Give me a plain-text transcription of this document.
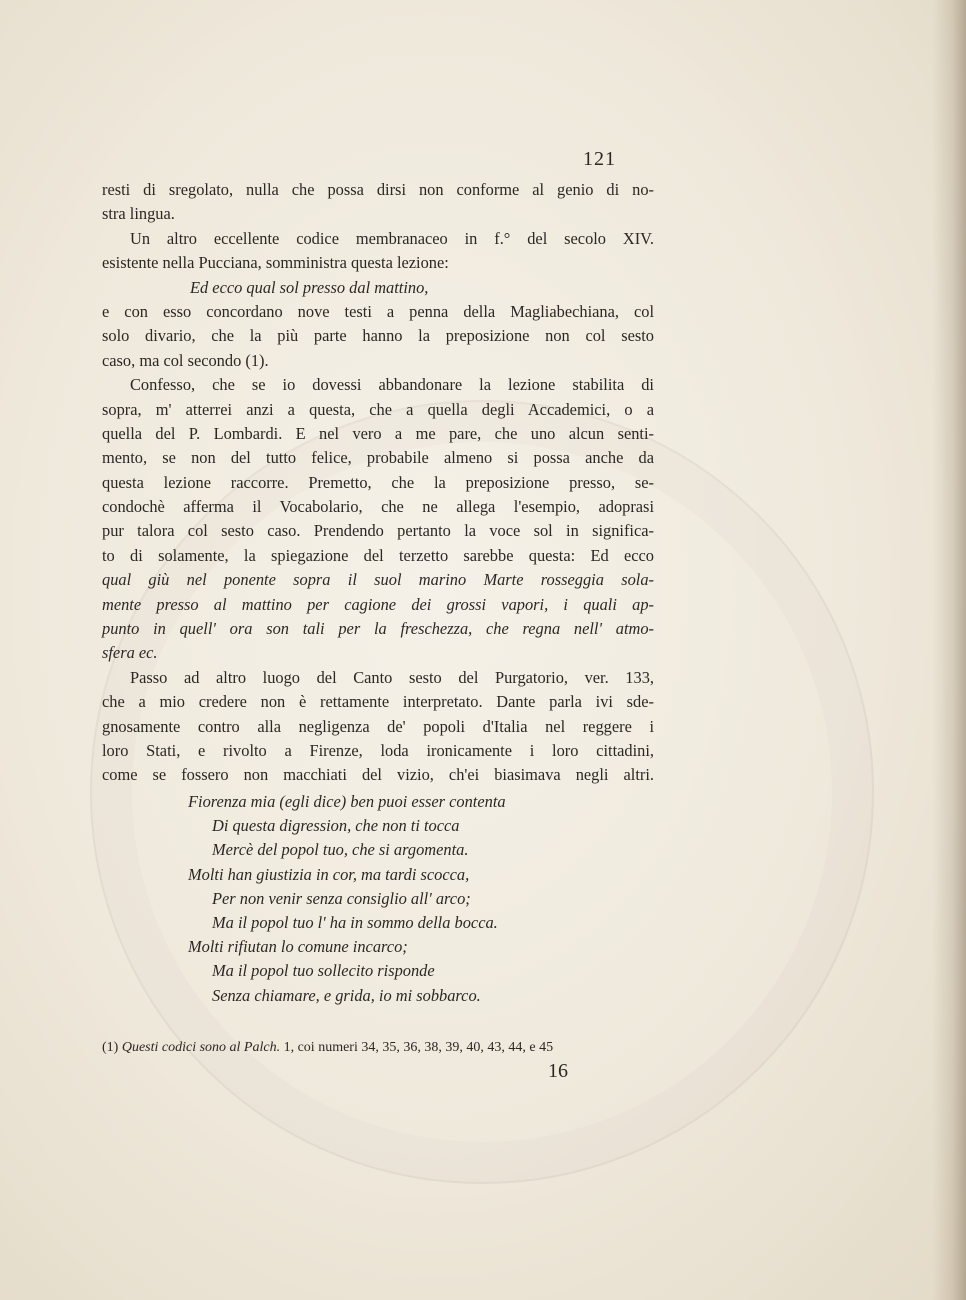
121
resti di sregolato, nulla che possa dirsi non conforme al genio di no-
stra lingua.
Un altro eccellente codice membranaceo in f.° del secolo XIV.
esistente nella Pucciana, somministra questa lezione:
Ed ecco qual sol presso dal mattino,
e con esso concordano nove testi a penna della Magliabechiana, col
solo divario, che la più parte hanno la preposizione non col sesto
caso, ma col secondo (1).
Confesso, che se io dovessi abbandonare la lezione stabilita di
sopra, m' atterrei anzi a questa, che a quella degli Accademici, o a
quella del P. Lombardi. E nel vero a me pare, che uno alcun senti-
mento, se non del tutto felice, probabile almeno si possa anche da
questa lezione raccorre. Premetto, che la preposizione presso, se-
condochè afferma il Vocabolario, che ne allega l'esempio, adoprasi
pur talora col sesto caso. Prendendo pertanto la voce sol in significa-
to di solamente, la spiegazione del terzetto sarebbe questa: Ed ecco
qual giù nel ponente sopra il suol marino Marte rosseggia sola-
mente presso al mattino per cagione dei grossi vapori, i quali ap-
punto in quell' ora son tali per la freschezza, che regna nell' atmo-
sfera ec.
Passo ad altro luogo del Canto sesto del Purgatorio, ver. 133,
che a mio credere non è rettamente interpretato. Dante parla ivi sde-
gnosamente contro alla negligenza de' popoli d'Italia nel reggere i
loro Stati, e rivolto a Firenze, loda ironicamente i loro cittadini,
come se fossero non macchiati del vizio, ch'ei biasimava negli altri.
Fiorenza mia (egli dice) ben puoi esser contenta
Di questa digression, che non ti tocca
Mercè del popol tuo, che si argomenta.
Molti han giustizia in cor, ma tardi scocca,
Per non venir senza consiglio all' arco;
Ma il popol tuo l' ha in sommo della bocca.
Molti rifiutan lo comune incarco;
Ma il popol tuo sollecito risponde
Senza chiamare, e grida, io mi sobbarco.
(1) Questi codici sono al Palch. 1, coi numeri 34, 35, 36, 38, 39, 40, 43, 44, e 45
16
